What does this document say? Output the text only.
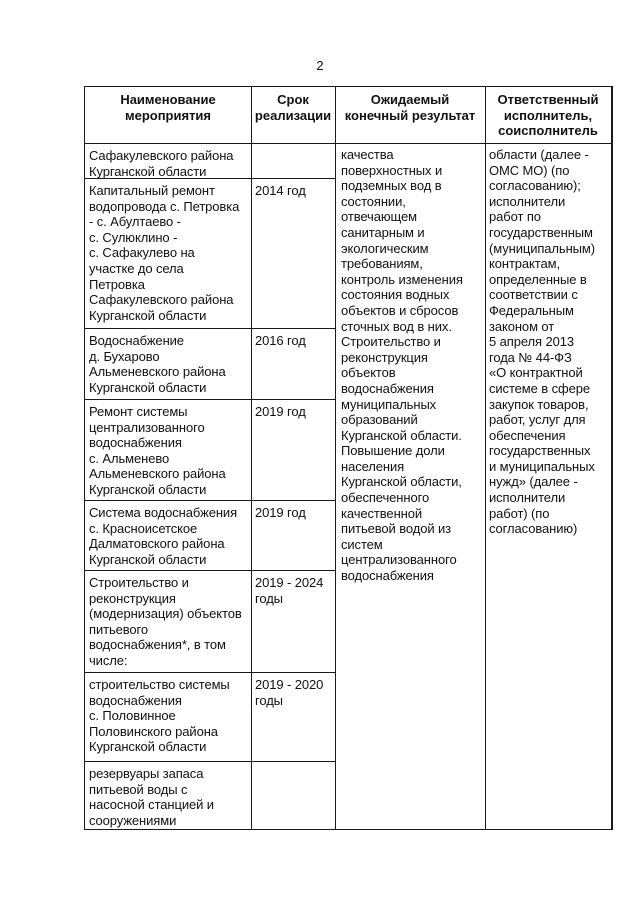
2
Наименование
мероприятия
Срок
реализации
Ожидаемый
конечный результат
Ответственный
исполнитель,
соисполнитель
Сафакулевского района
Курганской области
Капитальный ремонт
водопровода с. Петровка
- с. Абултаево -
с. Сулюклино -
с. Сафакулево на
участке до села
Петровка
Сафакулевского района
Курганской области
2014 год
Водоснабжение
д. Бухарово
Альменевского района
Курганской области
2016 год
Ремонт системы
централизованного
водоснабжения
с. Альменево
Альменевского района
Курганской области
2019 год
Система водоснабжения
с. Красноисетское
Далматовского района
Курганской области
2019 год
Строительство и
реконструкция
(модернизация) объектов
питьевого
водоснабжения*, в том
числе:
2019 - 2024
годы
строительство системы
водоснабжения
с. Половинное
Половинского района
Курганской области
2019 - 2020
годы
резервуары запаса
питьевой воды с
насосной станцией и
сооружениями
качества
поверхностных и
подземных вод в
состоянии,
отвечающем
санитарным и
экологическим
требованиям,
контроль изменения
состояния водных
объектов и сбросов
сточных вод в них.
Строительство и
реконструкция
объектов
водоснабжения
муниципальных
образований
Курганской области.
Повышение доли
населения
Курганской области,
обеспеченного
качественной
питьевой водой из
систем
централизованного
водоснабжения
области (далее -
ОМС МО) (по
согласованию);
исполнители
работ по
государственным
(муниципальным)
контрактам,
определенные в
соответствии с
Федеральным
законом от
5 апреля 2013
года № 44-ФЗ
«О контрактной
системе в сфере
закупок товаров,
работ, услуг для
обеспечения
государственных
и муниципальных
нужд» (далее -
исполнители
работ) (по
согласованию)
